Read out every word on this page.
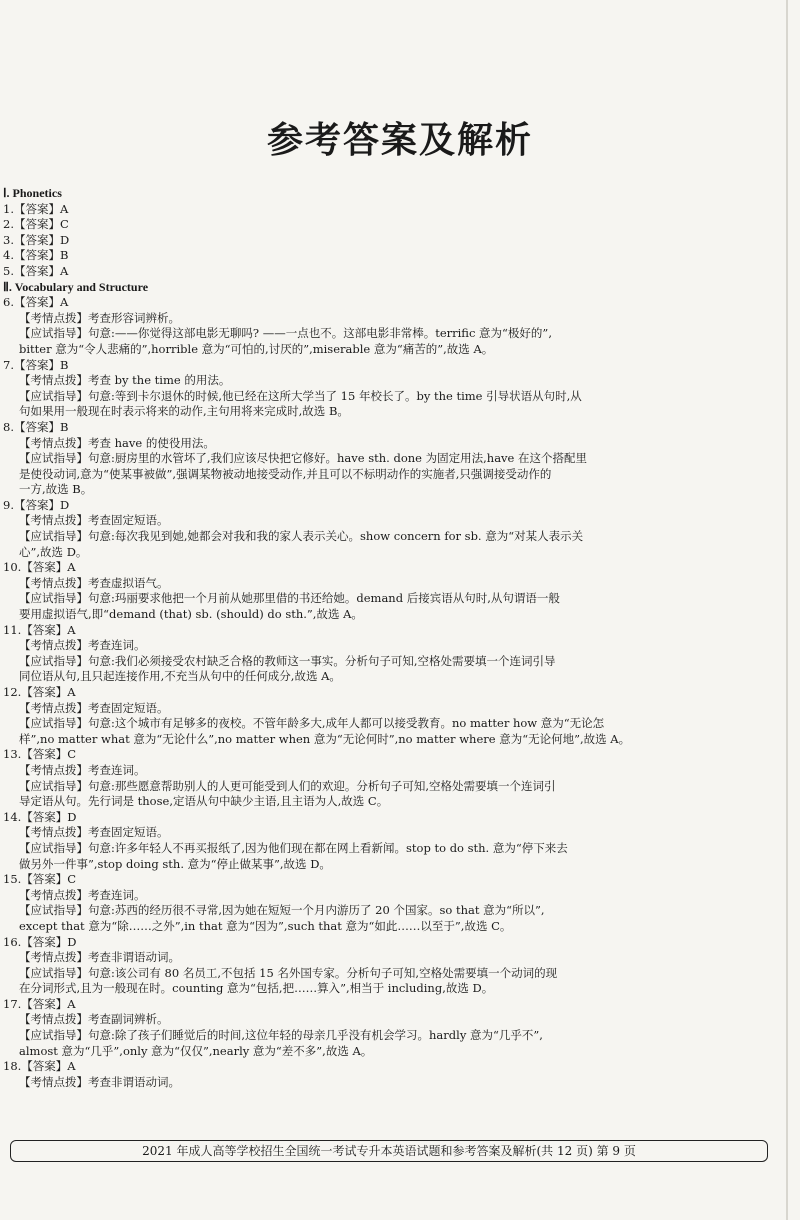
参考答案及解析
Ⅰ. Phonetics
1.【答案】A
2.【答案】C
3.【答案】D
4.【答案】B
5.【答案】A
Ⅱ. Vocabulary and Structure
6.【答案】A
【考情点拨】考查形容词辨析。
【应试指导】句意:——你觉得这部电影无聊吗? ——一点也不。这部电影非常棒。terrific 意为“极好的”,
bitter 意为“令人悲痛的”,horrible 意为“可怕的,讨厌的”,miserable 意为“痛苦的”,故选 A。
7.【答案】B
【考情点拨】考查 by the time 的用法。
【应试指导】句意:等到卡尔退休的时候,他已经在这所大学当了 15 年校长了。by the time 引导状语从句时,从
句如果用一般现在时表示将来的动作,主句用将来完成时,故选 B。
8.【答案】B
【考情点拨】考查 have 的使役用法。
【应试指导】句意:厨房里的水管坏了,我们应该尽快把它修好。have sth. done 为固定用法,have 在这个搭配里
是使役动词,意为“使某事被做”,强调某物被动地接受动作,并且可以不标明动作的实施者,只强调接受动作的
一方,故选 B。
9.【答案】D
【考情点拨】考查固定短语。
【应试指导】句意:每次我见到她,她都会对我和我的家人表示关心。show concern for sb. 意为“对某人表示关
心”,故选 D。
10.【答案】A
【考情点拨】考查虚拟语气。
【应试指导】句意:玛丽要求他把一个月前从她那里借的书还给她。demand 后接宾语从句时,从句谓语一般
要用虚拟语气,即“demand (that) sb. (should) do sth.”,故选 A。
11.【答案】A
【考情点拨】考查连词。
【应试指导】句意:我们必须接受农村缺乏合格的教师这一事实。分析句子可知,空格处需要填一个连词引导
同位语从句,且只起连接作用,不充当从句中的任何成分,故选 A。
12.【答案】A
【考情点拨】考查固定短语。
【应试指导】句意:这个城市有足够多的夜校。不管年龄多大,成年人都可以接受教育。no matter how 意为“无论怎
样”,no matter what 意为“无论什么”,no matter when 意为“无论何时”,no matter where 意为“无论何地”,故选 A。
13.【答案】C
【考情点拨】考查连词。
【应试指导】句意:那些愿意帮助别人的人更可能受到人们的欢迎。分析句子可知,空格处需要填一个连词引
导定语从句。先行词是 those,定语从句中缺少主语,且主语为人,故选 C。
14.【答案】D
【考情点拨】考查固定短语。
【应试指导】句意:许多年轻人不再买报纸了,因为他们现在都在网上看新闻。stop to do sth. 意为“停下来去
做另外一件事”,stop doing sth. 意为“停止做某事”,故选 D。
15.【答案】C
【考情点拨】考查连词。
【应试指导】句意:苏西的经历很不寻常,因为她在短短一个月内游历了 20 个国家。so that 意为“所以”,
except that 意为“除……之外”,in that 意为“因为”,such that 意为“如此……以至于”,故选 C。
16.【答案】D
【考情点拨】考查非谓语动词。
【应试指导】句意:该公司有 80 名员工,不包括 15 名外国专家。分析句子可知,空格处需要填一个动词的现
在分词形式,且为一般现在时。counting 意为“包括,把……算入”,相当于 including,故选 D。
17.【答案】A
【考情点拨】考查副词辨析。
【应试指导】句意:除了孩子们睡觉后的时间,这位年轻的母亲几乎没有机会学习。hardly 意为“几乎不”,
almost 意为“几乎”,only 意为“仅仅”,nearly 意为“差不多”,故选 A。
18.【答案】A
【考情点拨】考查非谓语动词。
2021 年成人高等学校招生全国统一考试专升本英语试题和参考答案及解析(共 12 页) 第 9 页
